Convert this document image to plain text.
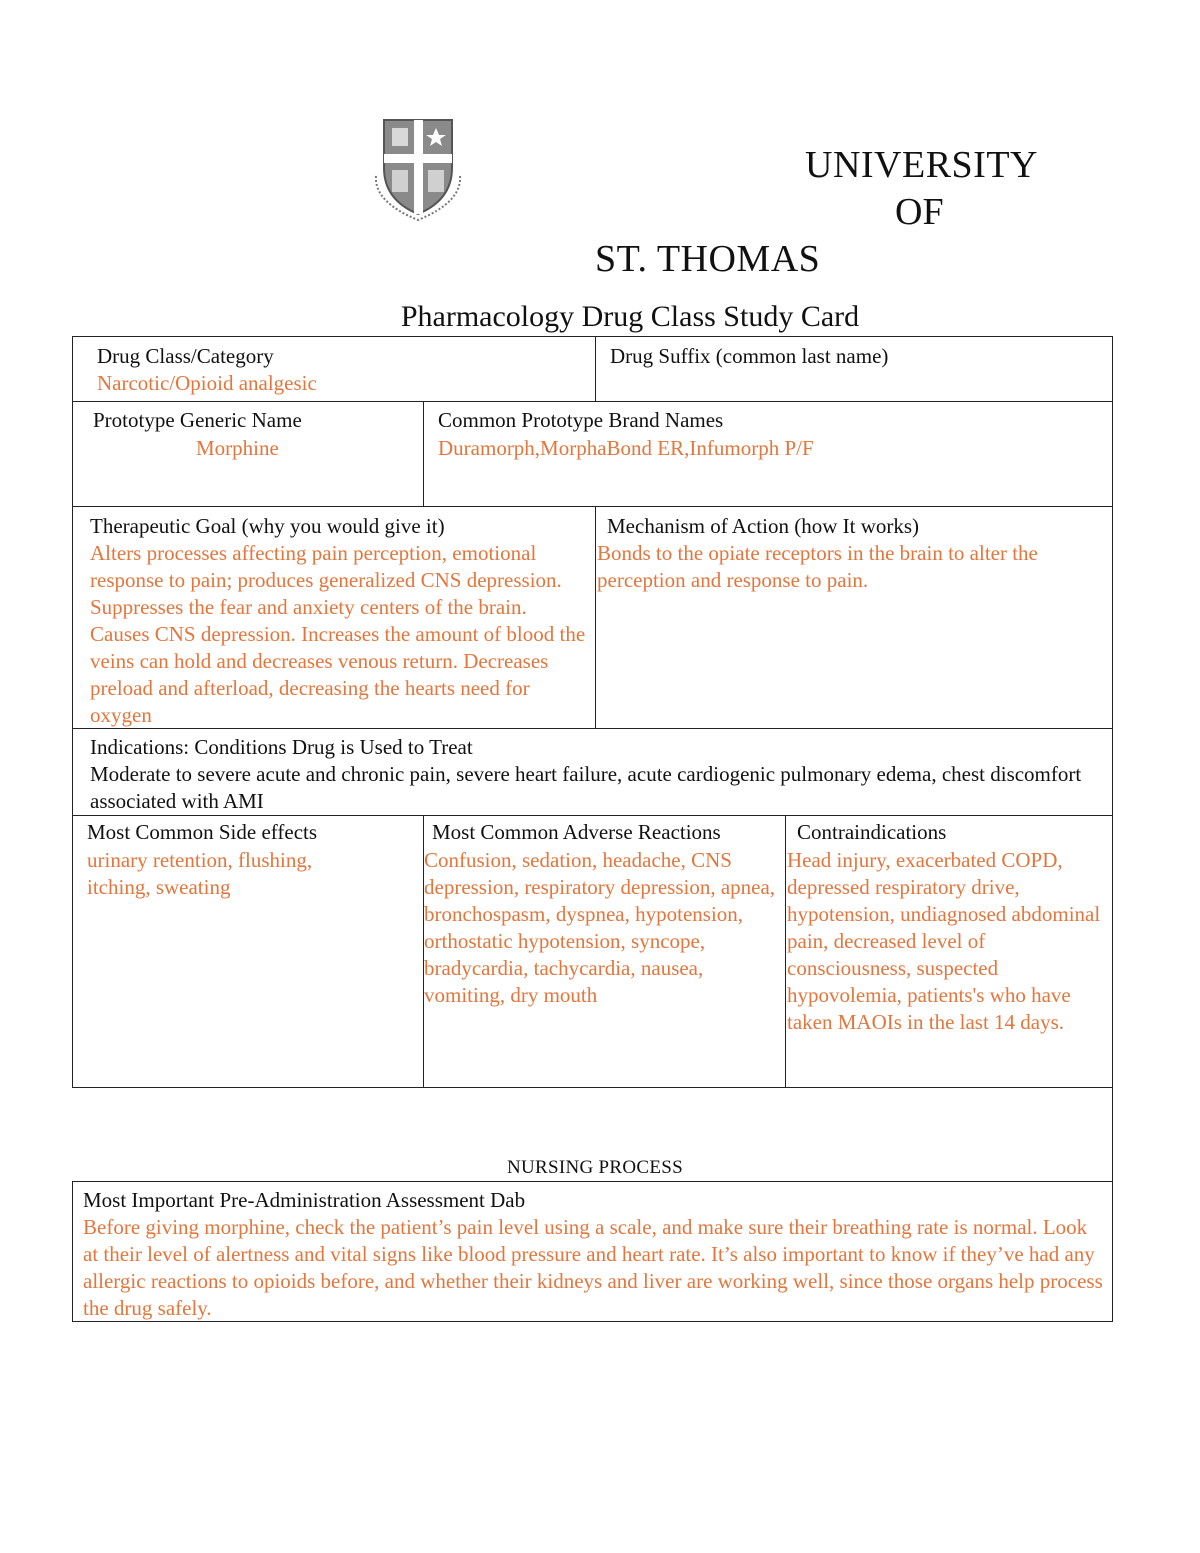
UNIVERSITY
OF
ST. THOMAS
Pharmacology Drug Class Study Card
Drug Class/Category
Narcotic/Opioid analgesic
Drug Suffix (common last name)
Prototype Generic Name
Morphine
Common Prototype Brand Names
Duramorph,MorphaBond ER,Infumorph P/F
Therapeutic Goal (why you would give it)
Alters processes affecting pain perception, emotional response to pain; produces generalized CNS depression. Suppresses the fear and anxiety centers of the brain. Causes CNS depression. Increases the amount of blood the veins can hold and decreases venous return. Decreases preload and afterload, decreasing the hearts need for oxygen
Mechanism of Action (how It works)
Bonds to the opiate receptors in the brain to alter the perception and response to pain.
Indications: Conditions Drug is Used to Treat
Moderate to severe acute and chronic pain, severe heart failure, acute cardiogenic pulmonary edema, chest discomfort associated with AMI
Most Common Side effects
urinary retention, flushing, itching, sweating
Most Common Adverse Reactions
Confusion, sedation, headache, CNS depression, respiratory depression, apnea, bronchospasm, dyspnea, hypotension, orthostatic hypotension, syncope, bradycardia, tachycardia, nausea, vomiting, dry mouth
Contraindications
Head injury, exacerbated COPD, depressed respiratory drive, hypotension, undiagnosed abdominal pain, decreased level of consciousness, suspected hypovolemia, patients's who have taken MAOIs in the last 14 days.
NURSING PROCESS
Most Important Pre-Administration Assessment Dab
Before giving morphine, check the patient’s pain level using a scale, and make sure their breathing rate is normal. Look at their level of alertness and vital signs like blood pressure and heart rate. It’s also important to know if they’ve had any allergic reactions to opioids before, and whether their kidneys and liver are working well, since those organs help process the drug safely.
